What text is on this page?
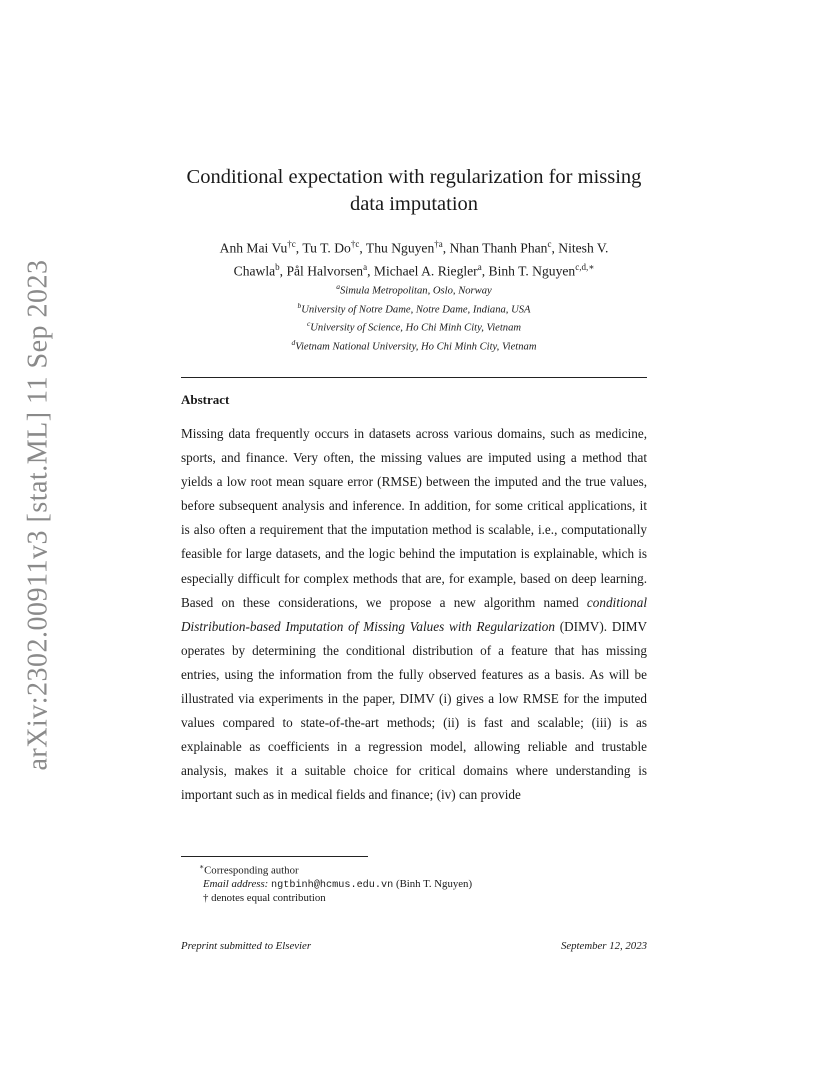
arXiv:2302.00911v3 [stat.ML] 11 Sep 2023
Conditional expectation with regularization for missing
data imputation
Anh Mai Vu$^{\dagger c}$, Tu T. Do$^{\dagger c}$, Thu Nguyen$^{\dagger a}$, Nhan Thanh Phan$^c$, Nitesh V.
Chawla$^b$, Pål Halvorsen$^a$, Michael A. Riegler$^a$, Binh T. Nguyen$^{c,d,∗}$
$^a$Simula Metropolitan, Oslo, Norway
$^b$University of Notre Dame, Notre Dame, Indiana, USA
$^c$University of Science, Ho Chi Minh City, Vietnam
$^d$Vietnam National University, Ho Chi Minh City, Vietnam
Abstract
Missing data frequently occurs in datasets across various domains, such as medicine, sports, and finance. Very often, the missing values are imputed using a method that yields a low root mean square error (RMSE) between the imputed and the true values, before subsequent analysis and inference. In addition, for some critical applications, it is also often a requirement that the imputation method is scalable, i.e., computationally feasible for large datasets, and the logic behind the imputation is explainable, which is especially difficult for complex methods that are, for example, based on deep learning. Based on these considerations, we propose a new algorithm named conditional Distribution-based Imputation of Missing Values with Regularization (DIMV). DIMV operates by determining the conditional distribution of a feature that has missing entries, using the information from the fully observed features as a basis. As will be illustrated via experiments in the paper, DIMV (i) gives a low RMSE for the imputed values compared to state-of-the-art methods; (ii) is fast and scalable; (iii) is as explainable as coefficients in a regression model, allowing reliable and trustable analysis, makes it a suitable choice for critical domains where understanding is important such as in medical fields and finance; (iv) can provide
∗Corresponding author
Email address: ngtbinh@hcmus.edu.vn (Binh T. Nguyen)
† denotes equal contribution
Preprint submitted to Elsevier	September 12, 2023
